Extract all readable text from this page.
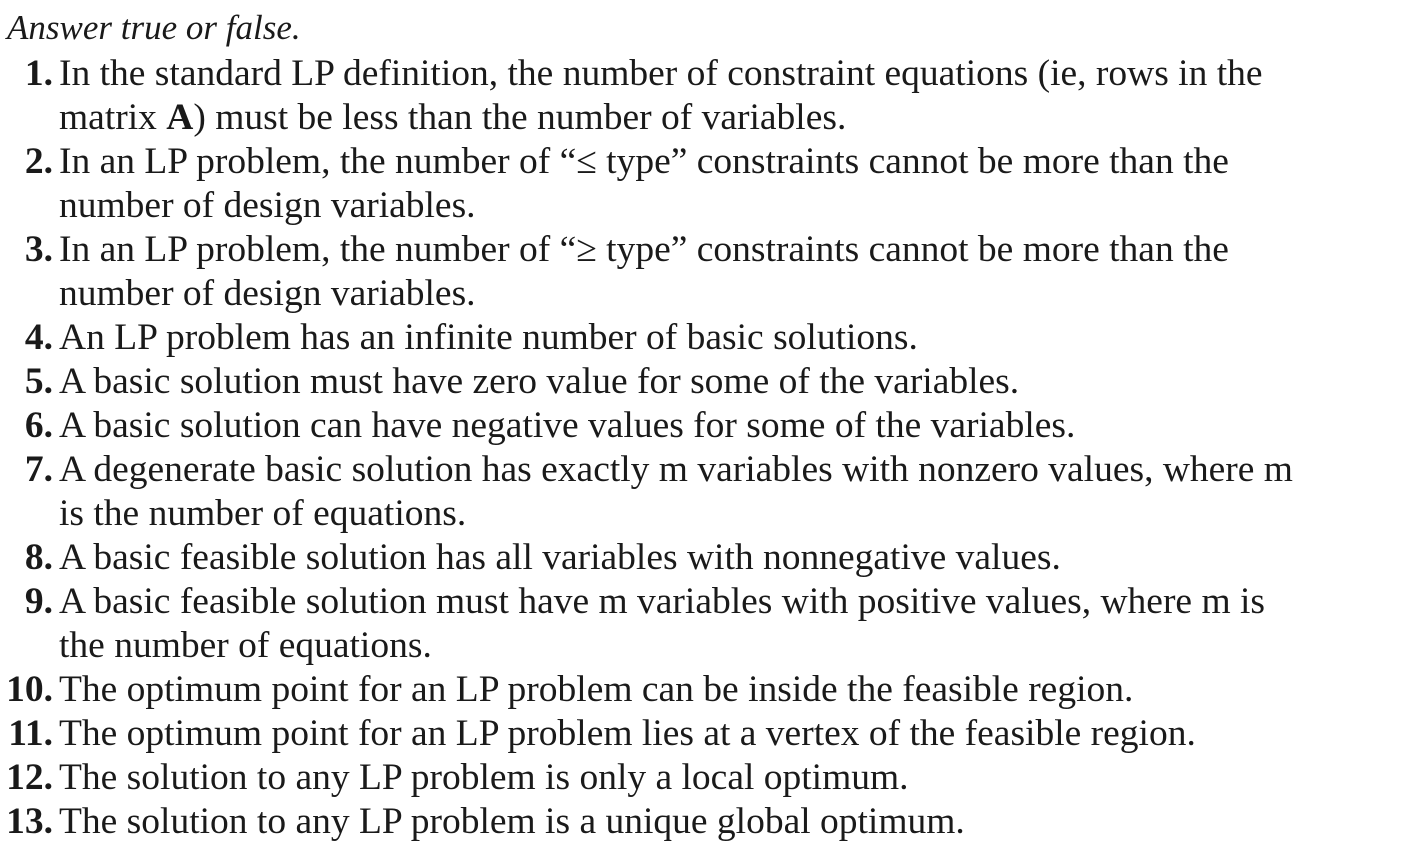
Answer true or false.
1. In the standard LP definition, the number of constraint equations (ie, rows in the
matrix A) must be less than the number of variables.
2. In an LP problem, the number of “≤ type” constraints cannot be more than the
number of design variables.
3. In an LP problem, the number of “≥ type” constraints cannot be more than the
number of design variables.
4. An LP problem has an infinite number of basic solutions.
5. A basic solution must have zero value for some of the variables.
6. A basic solution can have negative values for some of the variables.
7. A degenerate basic solution has exactly m variables with nonzero values, where m
is the number of equations.
8. A basic feasible solution has all variables with nonnegative values.
9. A basic feasible solution must have m variables with positive values, where m is
the number of equations.
10. The optimum point for an LP problem can be inside the feasible region.
11. The optimum point for an LP problem lies at a vertex of the feasible region.
12. The solution to any LP problem is only a local optimum.
13. The solution to any LP problem is a unique global optimum.
